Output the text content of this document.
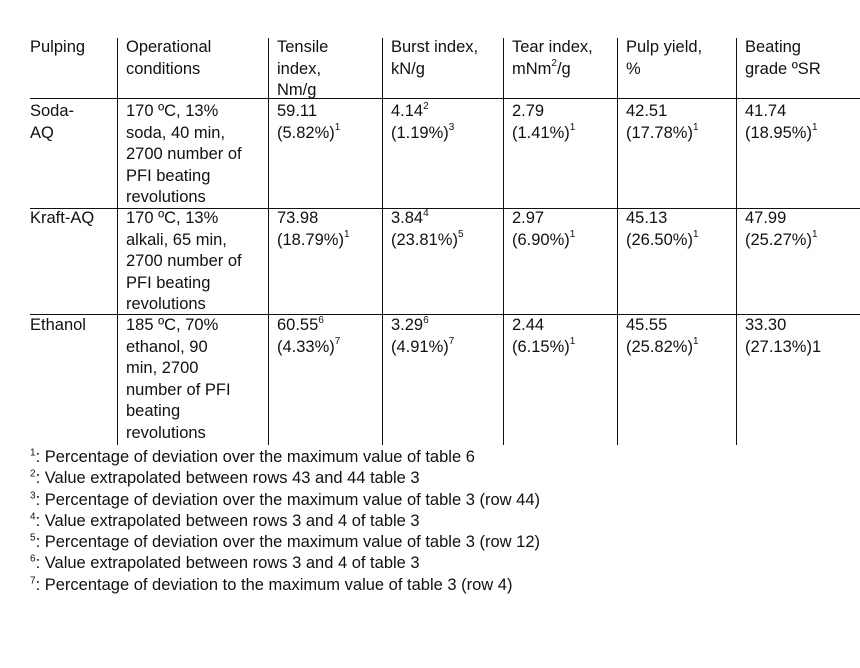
Pulping Operational
conditions
Tensile
index,
Nm/g
Burst index,
kN/g
Tear index,
mNm$^2$/g
Pulp yield,
%
Beating
grade ºSR
Soda-
AQ
170 ºC, 13%
soda, 40 min,
2700 number of
PFI beating
revolutions
59.11
$(5.82\%)^1$
4.14$^2$
$(1.19\%)^3$
2.79
$(1.41\%)^1$
42.51
$(17.78\%)^1$
41.74
$(18.95\%)^1$
Kraft-AQ 170 ºC, 13%
alkali, 65 min,
2700 number of
PFI beating
revolutions
73.98
$(18.79\%)^1$
3.84$^4$
$(23.81\%)^5$
2.97
$(6.90\%)^1$
45.13
$(26.50\%)^1$
47.99
$(25.27\%)^1$
Ethanol 185 ºC, 70%
ethanol, 90
min, 2700
number of PFI
beating
revolutions
60.55$^6$
$(4.33\%)^7$
3.29$^6$
$(4.91\%)^7$
2.44
$(6.15\%)^1$
45.55
$(25.82\%)^1$
33.30
(27.13%)1
$^1$: Percentage of deviation over the maximum value of table 6
$^2$: Value extrapolated between rows 43 and 44 table 3
$^3$: Percentage of deviation over the maximum value of table 3 (row 44)
$^4$: Value extrapolated between rows 3 and 4 of table 3
$^5$: Percentage of deviation over the maximum value of table 3 (row 12)
$^6$: Value extrapolated between rows 3 and 4 of table 3
$^7$: Percentage of deviation to the maximum value of table 3 (row 4)
